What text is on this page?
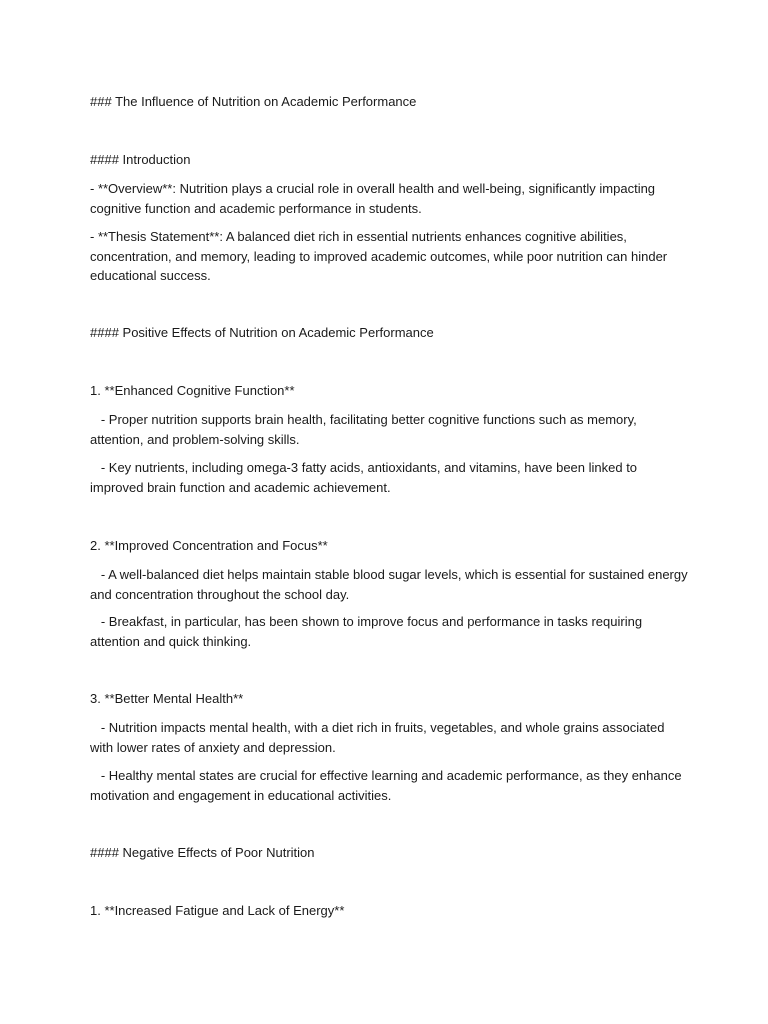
### The Influence of Nutrition on Academic Performance

#### Introduction

- **Overview**: Nutrition plays a crucial role in overall health and well-being, significantly impacting cognitive function and academic performance in students.

- **Thesis Statement**: A balanced diet rich in essential nutrients enhances cognitive abilities, concentration, and memory, leading to improved academic outcomes, while poor nutrition can hinder educational success.

#### Positive Effects of Nutrition on Academic Performance

1. **Enhanced Cognitive Function**

- Proper nutrition supports brain health, facilitating better cognitive functions such as memory, attention, and problem-solving skills.

- Key nutrients, including omega-3 fatty acids, antioxidants, and vitamins, have been linked to improved brain function and academic achievement.

2. **Improved Concentration and Focus**

- A well-balanced diet helps maintain stable blood sugar levels, which is essential for sustained energy and concentration throughout the school day.

- Breakfast, in particular, has been shown to improve focus and performance in tasks requiring attention and quick thinking.

3. **Better Mental Health**

- Nutrition impacts mental health, with a diet rich in fruits, vegetables, and whole grains associated with lower rates of anxiety and depression.

- Healthy mental states are crucial for effective learning and academic performance, as they enhance motivation and engagement in educational activities.

#### Negative Effects of Poor Nutrition

1. **Increased Fatigue and Lack of Energy**
